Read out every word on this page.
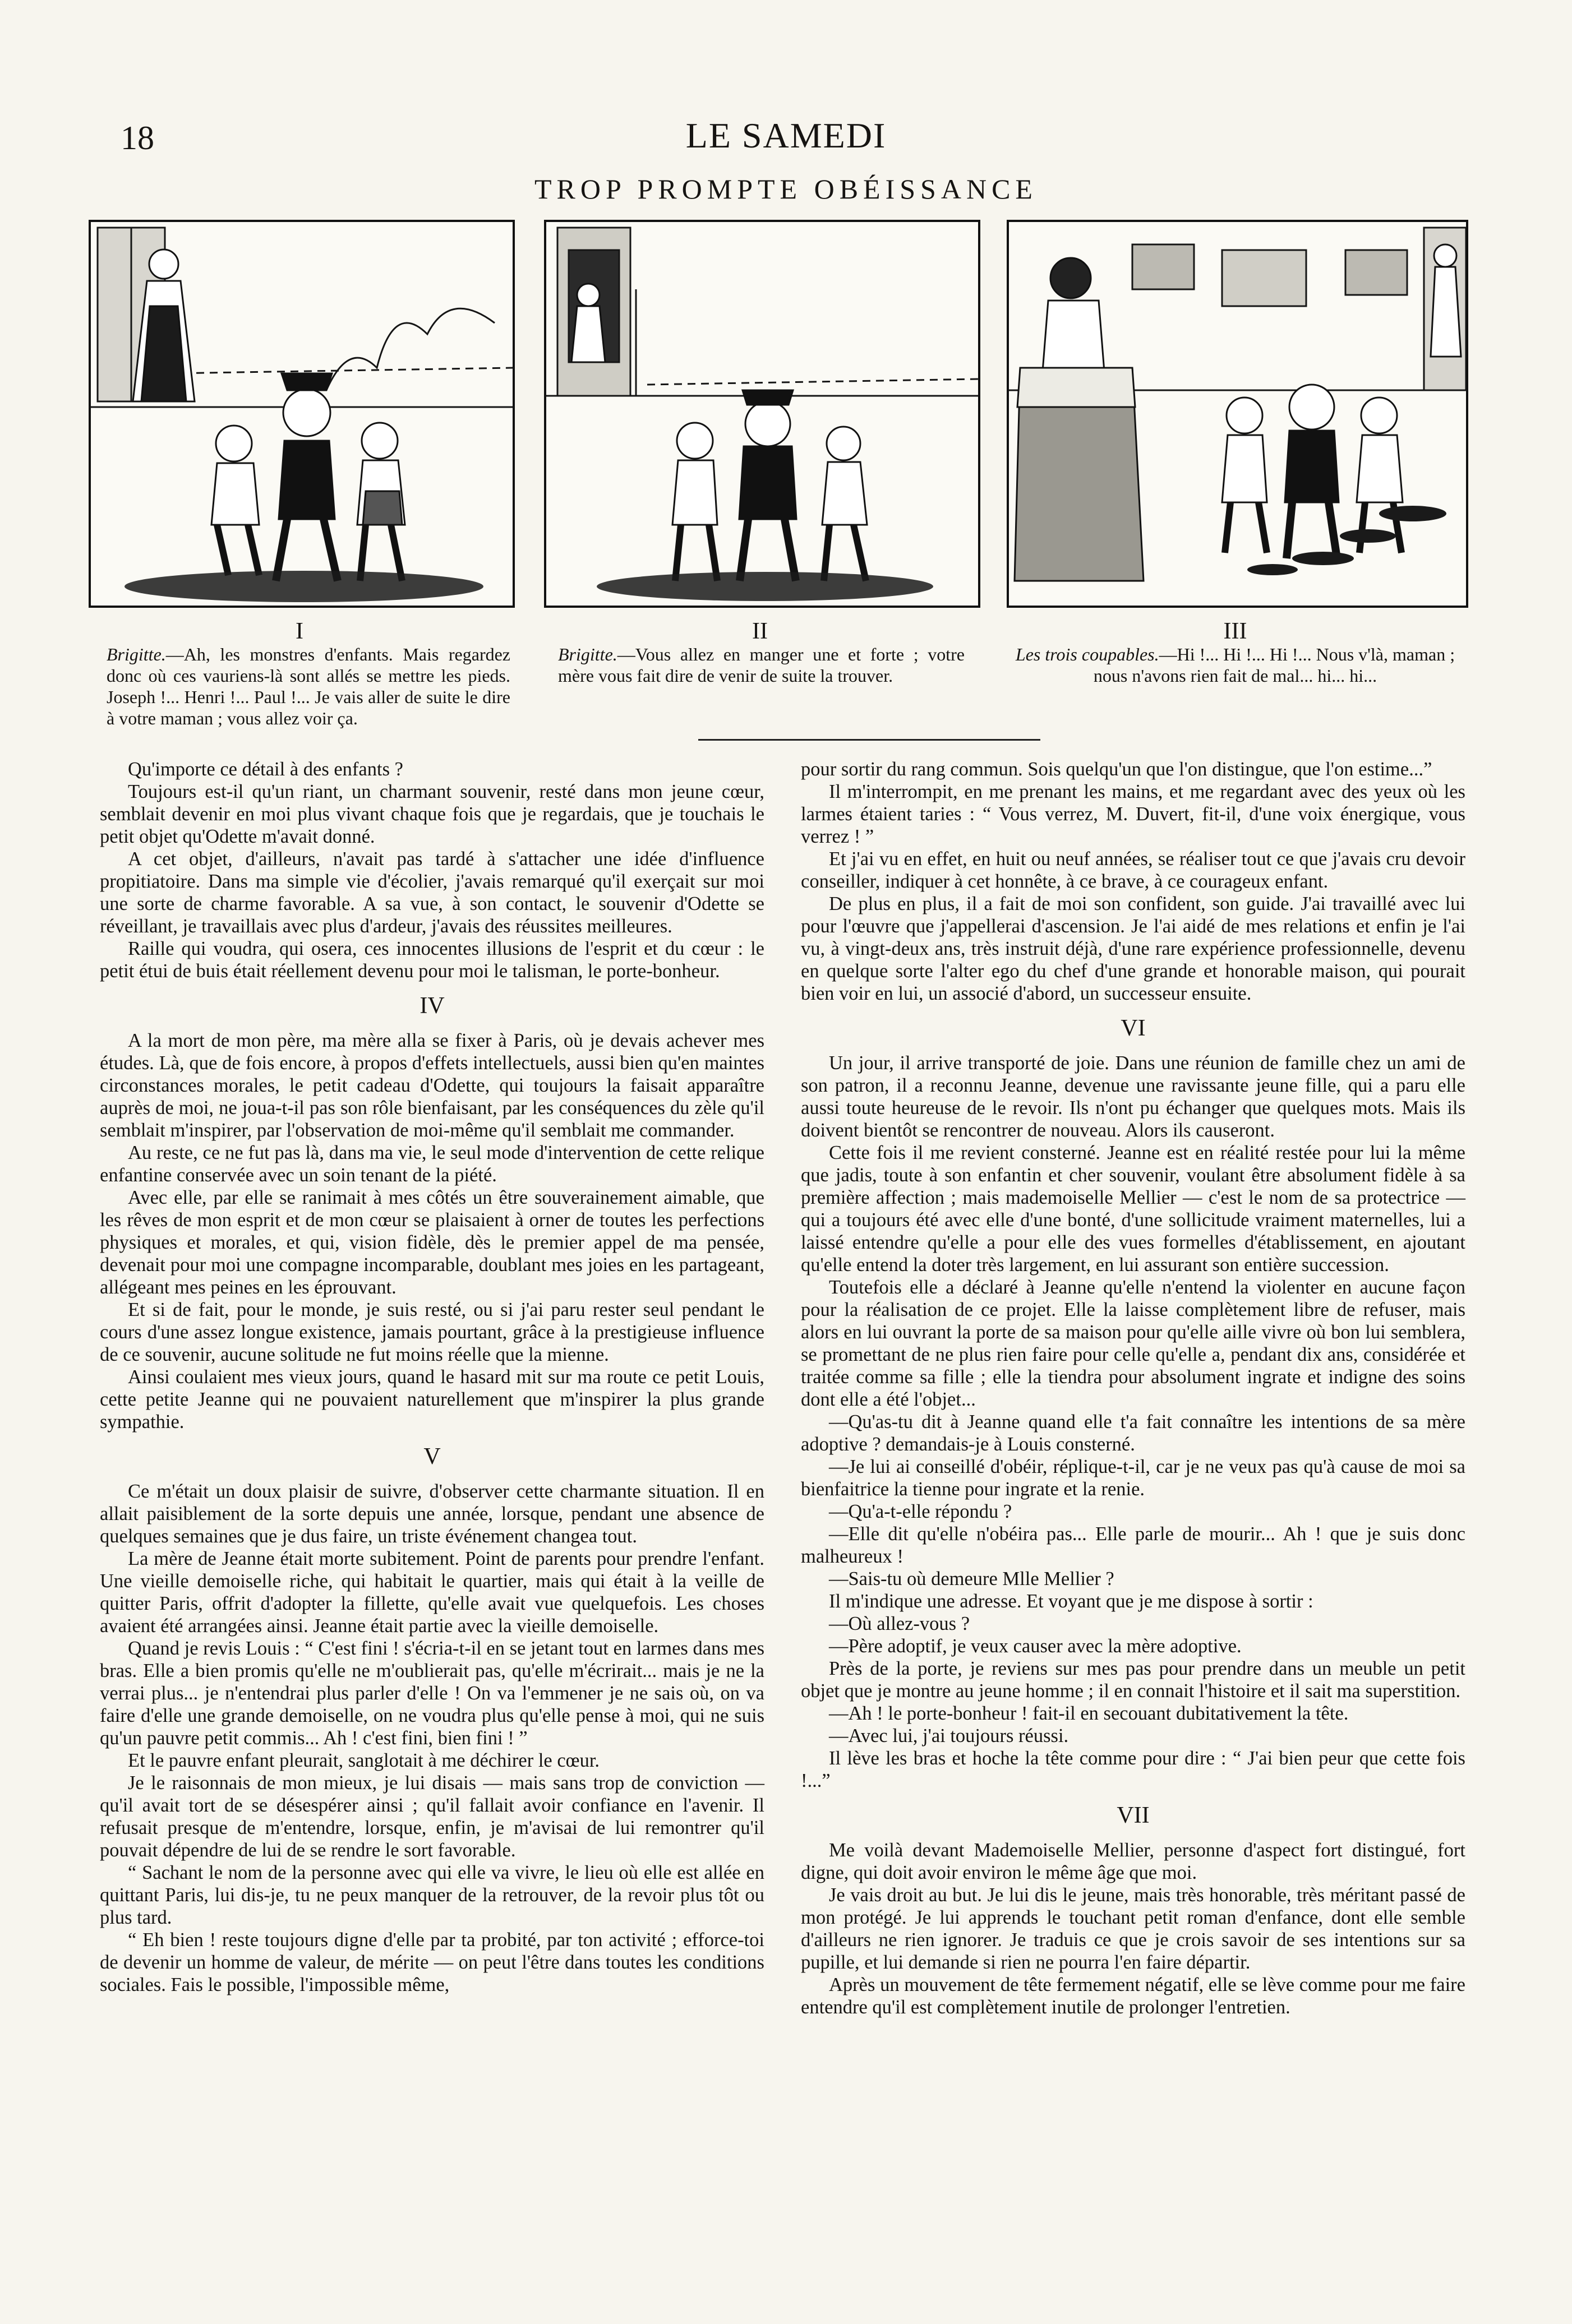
18	LE SAMEDI
TROP PROMPTE OBÉISSANCE
I	II	III
Brigitte.—Ah, les monstres d'enfants. Mais regardez donc où ces vauriens-là sont allés se mettre les pieds. Joseph !... Henri !... Paul !... Je vais aller de suite le dire à votre maman ; vous allez voir ça.
Brigitte.—Vous allez en manger une et forte ; votre mère vous fait dire de venir de suite la trouver.
Les trois coupables.—Hi !... Hi !... Hi !... Nous v'là, maman ; nous n'avons rien fait de mal... hi... hi...

Qu'importe ce détail à des enfants ?

Toujours est-il qu'un riant, un charmant souvenir, resté dans mon jeune cœur, semblait devenir en moi plus vivant chaque fois que je regardais, que je touchais le petit objet qu'Odette m'avait donné.

A cet objet, d'ailleurs, n'avait pas tardé à s'attacher une idée d'influence propitiatoire. Dans ma simple vie d'écolier, j'avais remarqué qu'il exerçait sur moi une sorte de charme favorable. A sa vue, à son contact, le souvenir d'Odette se réveillant, je travaillais avec plus d'ardeur, j'avais des réussites meilleures.

Raille qui voudra, qui osera, ces innocentes illusions de l'esprit et du cœur : le petit étui de buis était réellement devenu pour moi le talisman, le porte-bonheur.

IV

A la mort de mon père, ma mère alla se fixer à Paris, où je devais achever mes études. Là, que de fois encore, à propos d'effets intellectuels, aussi bien qu'en maintes circonstances morales, le petit cadeau d'Odette, qui toujours la faisait apparaître auprès de moi, ne joua-t-il pas son rôle bienfaisant, par les conséquences du zèle qu'il semblait m'inspirer, par l'observation de moi-même qu'il semblait me commander.

Au reste, ce ne fut pas là, dans ma vie, le seul mode d'intervention de cette relique enfantine conservée avec un soin tenant de la piété.

Avec elle, par elle se ranimait à mes côtés un être souverainement aimable, que les rêves de mon esprit et de mon cœur se plaisaient à orner de toutes les perfections physiques et morales, et qui, vision fidèle, dès le premier appel de ma pensée, devenait pour moi une compagne incomparable, doublant mes joies en les partageant, allégeant mes peines en les éprouvant.

Et si de fait, pour le monde, je suis resté, ou si j'ai paru rester seul pendant le cours d'une assez longue existence, jamais pourtant, grâce à la prestigieuse influence de ce souvenir, aucune solitude ne fut moins réelle que la mienne.

Ainsi coulaient mes vieux jours, quand le hasard mit sur ma route ce petit Louis, cette petite Jeanne qui ne pouvaient naturellement que m'inspirer la plus grande sympathie.

V

Ce m'était un doux plaisir de suivre, d'observer cette charmante situation. Il en allait paisiblement de la sorte depuis une année, lorsque, pendant une absence de quelques semaines que je dus faire, un triste événement changea tout.

La mère de Jeanne était morte subitement. Point de parents pour prendre l'enfant. Une vieille demoiselle riche, qui habitait le quartier, mais qui était à la veille de quitter Paris, offrit d'adopter la fillette, qu'elle avait vue quelquefois. Les choses avaient été arrangées ainsi. Jeanne était partie avec la vieille demoiselle.

Quand je revis Louis : “ C'est fini ! s'écria-t-il en se jetant tout en larmes dans mes bras. Elle a bien promis qu'elle ne m'oublierait pas, qu'elle m'écrirait... mais je ne la verrai plus... je n'entendrai plus parler d'elle ! On va l'emmener je ne sais où, on va faire d'elle une grande demoiselle, on ne voudra plus qu'elle pense à moi, qui ne suis qu'un pauvre petit commis... Ah ! c'est fini, bien fini ! ”

Et le pauvre enfant pleurait, sanglotait à me déchirer le cœur.

Je le raisonnais de mon mieux, je lui disais — mais sans trop de conviction — qu'il avait tort de se désespérer ainsi ; qu'il fallait avoir confiance en l'avenir. Il refusait presque de m'entendre, lorsque, enfin, je m'avisai de lui remontrer qu'il pouvait dépendre de lui de se rendre le sort favorable.

“ Sachant le nom de la personne avec qui elle va vivre, le lieu où elle est allée en quittant Paris, lui dis-je, tu ne peux manquer de la retrouver, de la revoir plus tôt ou plus tard.

“ Eh bien ! reste toujours digne d'elle par ta probité, par ton activité ; efforce-toi de devenir un homme de valeur, de mérite — on peut l'être dans toutes les conditions sociales. Fais le possible, l'impossible même,

pour sortir du rang commun. Sois quelqu'un que l'on distingue, que l'on estime...”

Il m'interrompit, en me prenant les mains, et me regardant avec des yeux où les larmes étaient taries : “ Vous verrez, M. Duvert, fit-il, d'une voix énergique, vous verrez ! ”

Et j'ai vu en effet, en huit ou neuf années, se réaliser tout ce que j'avais cru devoir conseiller, indiquer à cet honnête, à ce brave, à ce courageux enfant.

De plus en plus, il a fait de moi son confident, son guide. J'ai travaillé avec lui pour l'œuvre que j'appellerai d'ascension. Je l'ai aidé de mes relations et enfin je l'ai vu, à vingt-deux ans, très instruit déjà, d'une rare expérience professionnelle, devenu en quelque sorte l'alter ego du chef d'une grande et honorable maison, qui pourait bien voir en lui, un associé d'abord, un successeur ensuite.

VI

Un jour, il arrive transporté de joie. Dans une réunion de famille chez un ami de son patron, il a reconnu Jeanne, devenue une ravissante jeune fille, qui a paru elle aussi toute heureuse de le revoir. Ils n'ont pu échanger que quelques mots. Mais ils doivent bientôt se rencontrer de nouveau. Alors ils causeront.

Cette fois il me revient consterné. Jeanne est en réalité restée pour lui la même que jadis, toute à son enfantin et cher souvenir, voulant être absolument fidèle à sa première affection ; mais mademoiselle Mellier — c'est le nom de sa protectrice — qui a toujours été avec elle d'une bonté, d'une sollicitude vraiment maternelles, lui a laissé entendre qu'elle a pour elle des vues formelles d'établissement, en ajoutant qu'elle entend la doter très largement, en lui assurant son entière succession.

Toutefois elle a déclaré à Jeanne qu'elle n'entend la violenter en aucune façon pour la réalisation de ce projet. Elle la laisse complètement libre de refuser, mais alors en lui ouvrant la porte de sa maison pour qu'elle aille vivre où bon lui semblera, se promettant de ne plus rien faire pour celle qu'elle a, pendant dix ans, considérée et traitée comme sa fille ; elle la tiendra pour absolument ingrate et indigne des soins dont elle a été l'objet...

—Qu'as-tu dit à Jeanne quand elle t'a fait connaître les intentions de sa mère adoptive ? demandais-je à Louis consterné.

—Je lui ai conseillé d'obéir, réplique-t-il, car je ne veux pas qu'à cause de moi sa bienfaitrice la tienne pour ingrate et la renie.

—Qu'a-t-elle répondu ?

—Elle dit qu'elle n'obéira pas... Elle parle de mourir... Ah ! que je suis donc malheureux !

—Sais-tu où demeure Mlle Mellier ?

Il m'indique une adresse. Et voyant que je me dispose à sortir :

—Où allez-vous ?

—Père adoptif, je veux causer avec la mère adoptive.

Près de la porte, je reviens sur mes pas pour prendre dans un meuble un petit objet que je montre au jeune homme ; il en connait l'histoire et il sait ma superstition.

—Ah ! le porte-bonheur ! fait-il en secouant dubitativement la tête.

—Avec lui, j'ai toujours réussi.

Il lève les bras et hoche la tête comme pour dire : “ J'ai bien peur que cette fois !...”

VII

Me voilà devant Mademoiselle Mellier, personne d'aspect fort distingué, fort digne, qui doit avoir environ le même âge que moi.

Je vais droit au but. Je lui dis le jeune, mais très honorable, très méritant passé de mon protégé. Je lui apprends le touchant petit roman d'enfance, dont elle semble d'ailleurs ne rien ignorer. Je traduis ce que je crois savoir de ses intentions sur sa pupille, et lui demande si rien ne pourra l'en faire départir.

Après un mouvement de tête fermement négatif, elle se lève comme pour me faire entendre qu'il est complètement inutile de prolonger l'entretien.
